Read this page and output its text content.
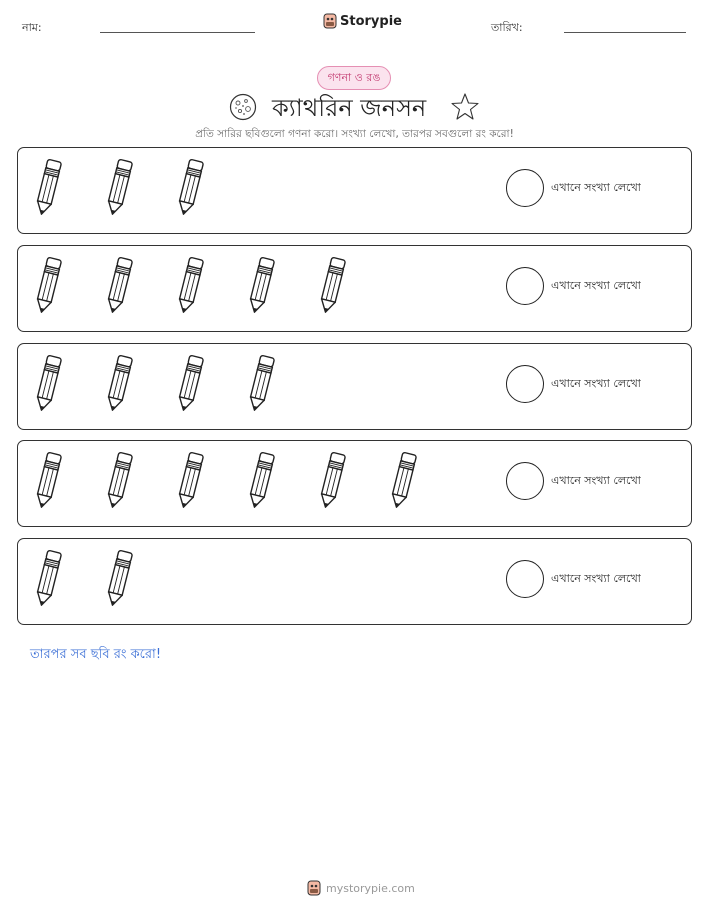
নাম:	Storypie	তারিখ:
গণনা ও রঙ
ক্যাথরিন জনসন
প্রতি সারির ছবিগুলো গণনা করো। সংখ্যা লেখো, তারপর সবগুলো রং করো!
এখানে সংখ্যা লেখো
এখানে সংখ্যা লেখো
এখানে সংখ্যা লেখো
এখানে সংখ্যা লেখো
এখানে সংখ্যা লেখো
তারপর সব ছবি রং করো!
mystorypie.com
